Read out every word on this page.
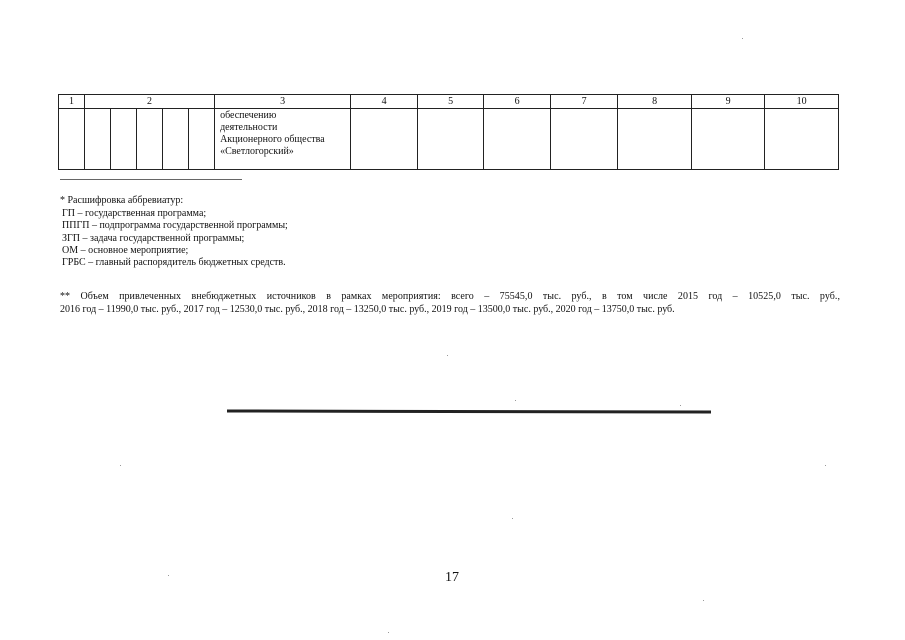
1	2					3	4	5	6	7	8	9	10

						обеспечению
деятельности
Акционерного общества
«Светлогорский»							

* Расшифровка аббревиатур:
ГП – государственная программа;
ППГП – подпрограмма государственной программы;
ЗГП – задача государственной программы;
ОМ – основное мероприятие;
ГРБС – главный распорядитель бюджетных средств.
** Объем привлеченных внебюджетных источников в рамках мероприятия: всего – 75545,0 тыс. руб., в том числе 2015 год – 10525,0 тыс. руб.,
2016 год – 11990,0 тыс. руб., 2017 год – 12530,0 тыс. руб., 2018 год – 13250,0 тыс. руб., 2019 год – 13500,0 тыс. руб., 2020 год – 13750,0 тыс. руб.
17
